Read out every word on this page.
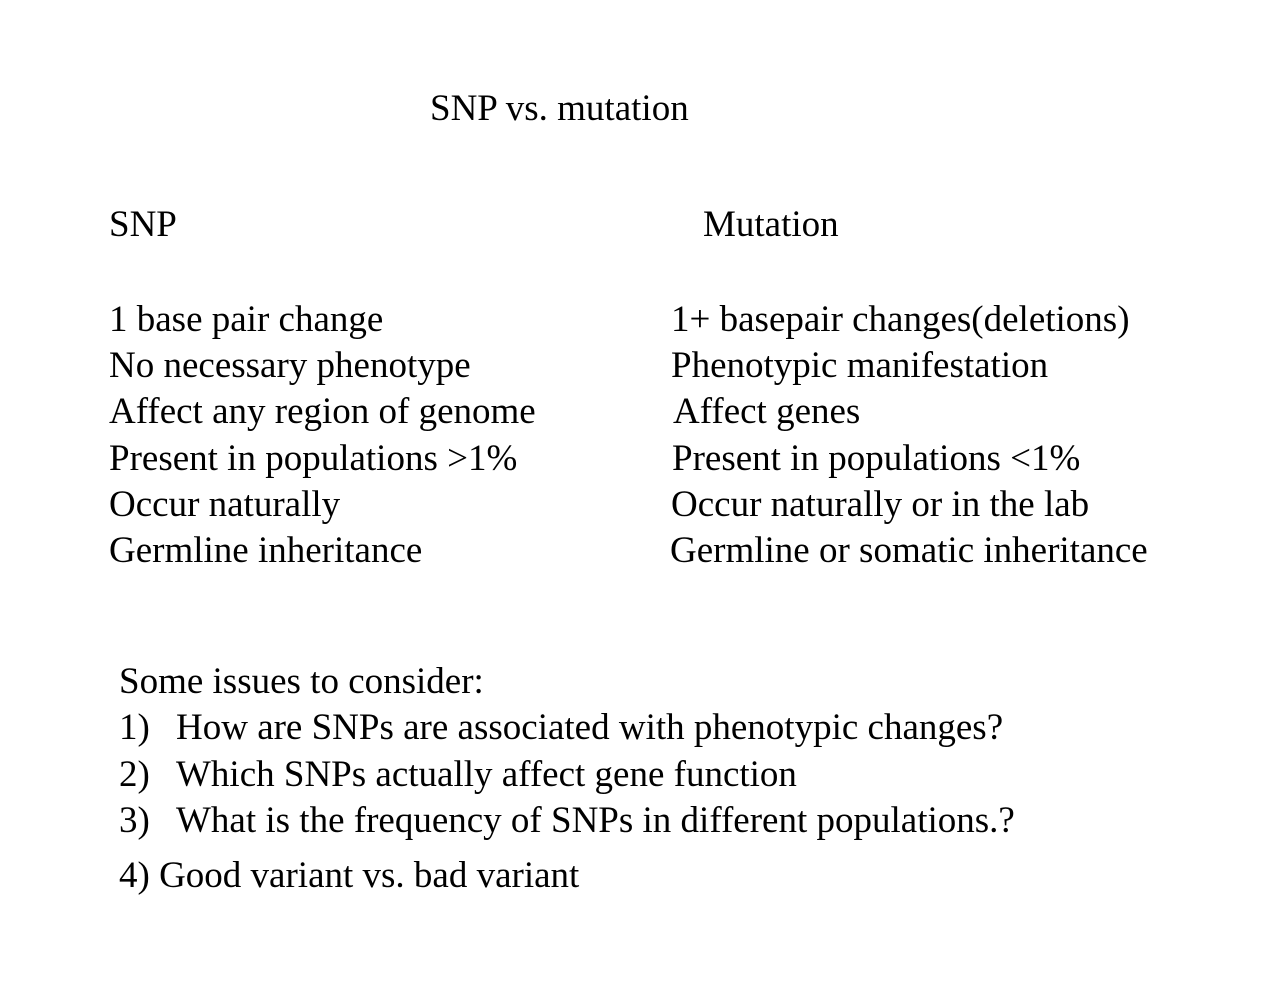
SNP vs. mutation
SNP	Mutation
1 base pair change
No necessary phenotype
Affect any region of genome
Present in populations >1%
Occur naturally
Germline inheritance
1+ basepair changes(deletions)
Phenotypic manifestation
Affect genes
Present in populations <1%
Occur naturally or in the lab
Germline or somatic inheritance
Some issues to consider:
1) How are SNPs are associated with phenotypic changes?
2) Which SNPs actually affect gene function
3) What is the frequency of SNPs in different populations.?
4) Good variant vs. bad variant
